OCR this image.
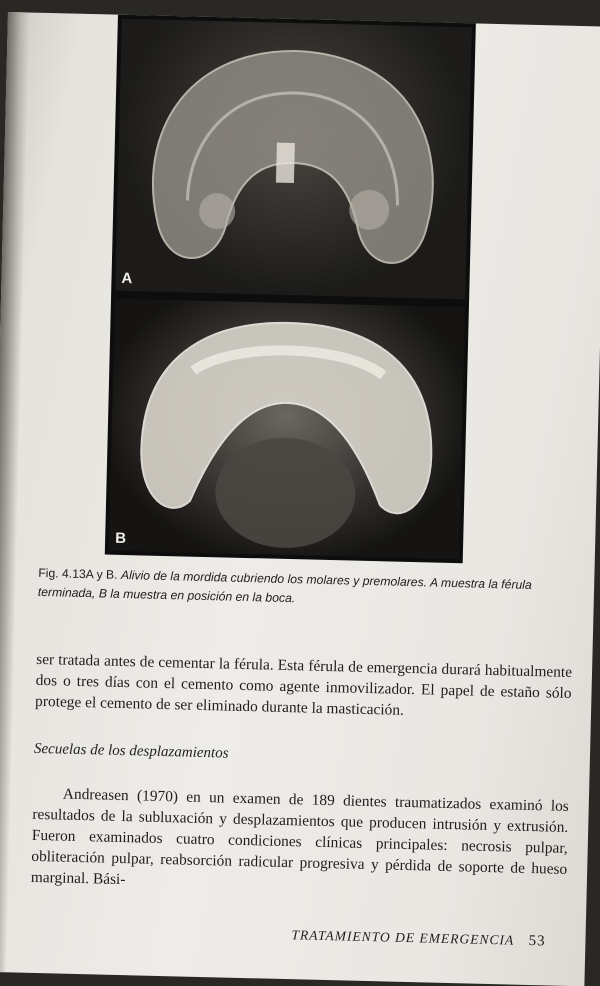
A
B
Fig. 4.13A y B. Alivio de la mordida cubriendo los molares y premolares. A muestra la férula terminada, B la muestra en posición en la boca.

ser tratada antes de cementar la férula. Esta férula de emergencia durará habitualmente dos o tres días con el cemento como agente inmovilizador. El papel de estaño sólo protege el cemento de ser eliminado durante la masticación.

Secuelas de los desplazamientos

Andreasen (1970) en un examen de 189 dientes traumatizados examinó los resultados de la subluxación y desplazamientos que producen intrusión y extrusión. Fueron examinados cuatro condiciones clínicas principales: necrosis pulpar, obliteración pulpar, reabsorción radicular progresiva y pérdida de soporte de hueso marginal. Bási-

TRATAMIENTO DE EMERGENCIA 53
